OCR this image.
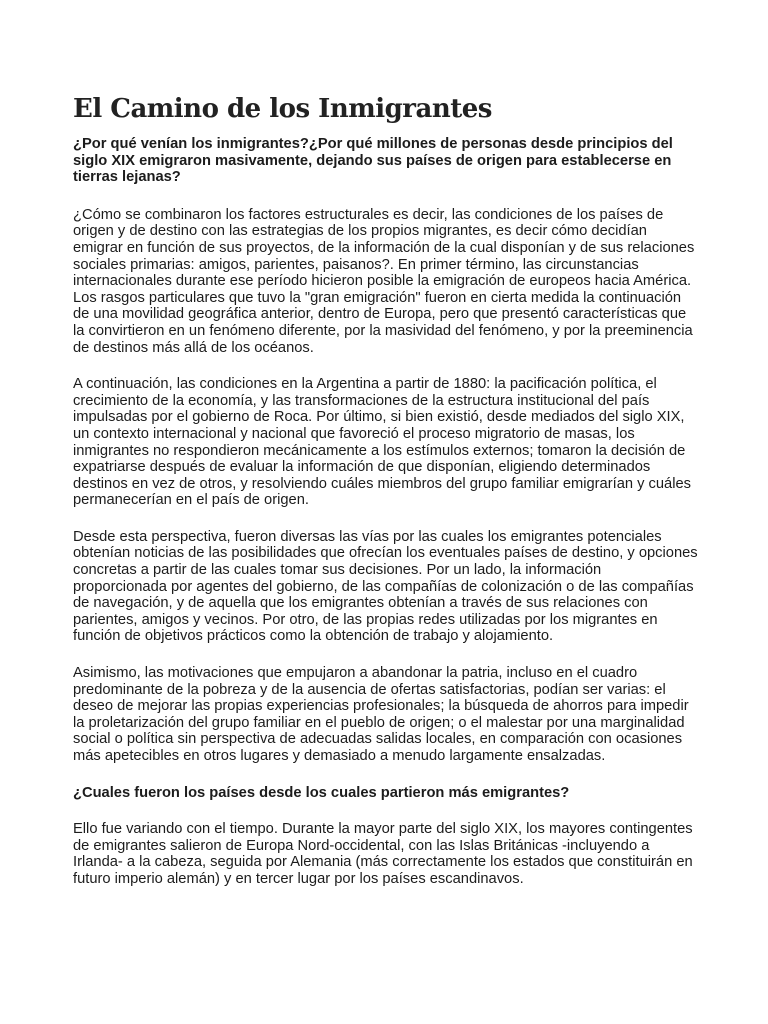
El Camino de los Inmigrantes

¿Por qué venían los inmigrantes?¿Por qué millones de personas desde principios del siglo XIX emigraron masivamente, dejando sus países de origen para establecerse en tierras lejanas?

¿Cómo se combinaron los factores estructurales es decir, las condiciones de los países de origen y de destino con las estrategias de los propios migrantes, es decir cómo decidían emigrar en función de sus proyectos, de la información de la cual disponían y de sus relaciones sociales primarias: amigos, parientes, paisanos?. En primer término, las circunstancias internacionales durante ese período hicieron posible la emigración de europeos hacia América. Los rasgos particulares que tuvo la "gran emigración" fueron en cierta medida la continuación de una movilidad geográfica anterior, dentro de Europa, pero que presentó características que la convirtieron en un fenómeno diferente, por la masividad del fenómeno, y por la preeminencia de destinos más allá de los océanos.

A continuación, las condiciones en la Argentina a partir de 1880: la pacificación política, el crecimiento de la economía, y las transformaciones de la estructura institucional del país impulsadas por el gobierno de Roca. Por último, si bien existió, desde mediados del siglo XIX, un contexto internacional y nacional que favoreció el proceso migratorio de masas, los inmigrantes no respondieron mecánicamente a los estímulos externos; tomaron la decisión de expatriarse después de evaluar la información de que disponían, eligiendo determinados destinos en vez de otros, y resolviendo cuáles miembros del grupo familiar emigrarían y cuáles permanecerían en el país de origen.

Desde esta perspectiva, fueron diversas las vías por las cuales los emigrantes potenciales obtenían noticias de las posibilidades que ofrecían los eventuales países de destino, y opciones concretas a partir de las cuales tomar sus decisiones. Por un lado, la información proporcionada por agentes del gobierno, de las compañías de colonización o de las compañías de navegación, y de aquella que los emigrantes obtenían a través de sus relaciones con parientes, amigos y vecinos. Por otro, de las propias redes utilizadas por los migrantes en función de objetivos prácticos como la obtención de trabajo y alojamiento.

Asimismo, las motivaciones que empujaron a abandonar la patria, incluso en el cuadro predominante de la pobreza y de la ausencia de ofertas satisfactorias, podían ser varias: el deseo de mejorar las propias experiencias profesionales; la búsqueda de ahorros para impedir la proletarización del grupo familiar en el pueblo de origen; o el malestar por una marginalidad social o política sin perspectiva de adecuadas salidas locales, en comparación con ocasiones más apetecibles en otros lugares y demasiado a menudo largamente ensalzadas.

¿Cuales fueron los países desde los cuales partieron más emigrantes?

Ello fue variando con el tiempo. Durante la mayor parte del siglo XIX, los mayores contingentes de emigrantes salieron de Europa Nord-occidental, con las Islas Británicas -incluyendo a Irlanda- a la cabeza, seguida por Alemania (más correctamente los estados que constituirán en futuro imperio alemán) y en tercer lugar por los países escandinavos.
